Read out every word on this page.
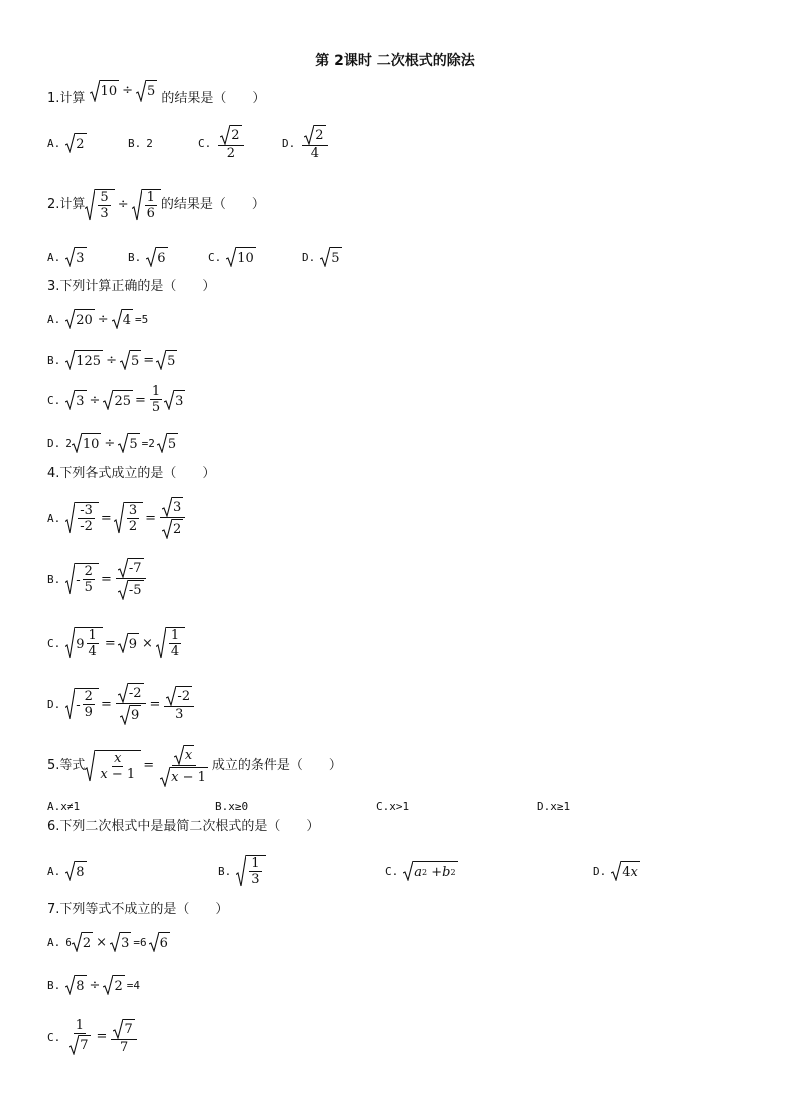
第 2课时 二次根式的除法
1.计算 10 ÷ 5 的结果是（　　）
A. 2	B. 2	C. $\frac{2}{2}$	D. $\frac{2}{4}$
2.计算 $\frac{5}{3} \div \frac{1}{6}$ 的结果是（　　）
A. 3	B. 6	C. 10	D. 5
3.下列计算正确的是（　　）
A. 20 ÷ 4 =5
B. 125 ÷ 5 = 5
C. $3 \div 25 = \frac{1}{5} 3$
D. 2 10 ÷ 5 =2 5
4.下列各式成立的是（　　）
A. $\frac{-3}{-2} = \frac{3}{2} = \frac{3}{2}$
B. - $\frac{2}{5} = \frac{-7}{-5}$
C. $9 \frac{1}{4} = 9 \times \frac{1}{4}$
D. - $\frac{2}{9} = \frac{-2}{9} = \frac{-2}{3}$
5.等式 $\frac{x}{x - 1} = \frac{x}{x - 1}$ 成立的条件是（　　）
A.x≠1	B.x≥0	C.x>1	D.x≥1
6.下列二次根式中是最简二次根式的是（　　）
A. 8	B. $\frac{1}{3}$	C. a 2 + b 2	D. 4 x
7.下列等式不成立的是（　　）
A. 6 2 × 3 =6 6
B. 8 ÷ 2 =4
C. $\frac{1}{7} = \frac{7}{7}$
